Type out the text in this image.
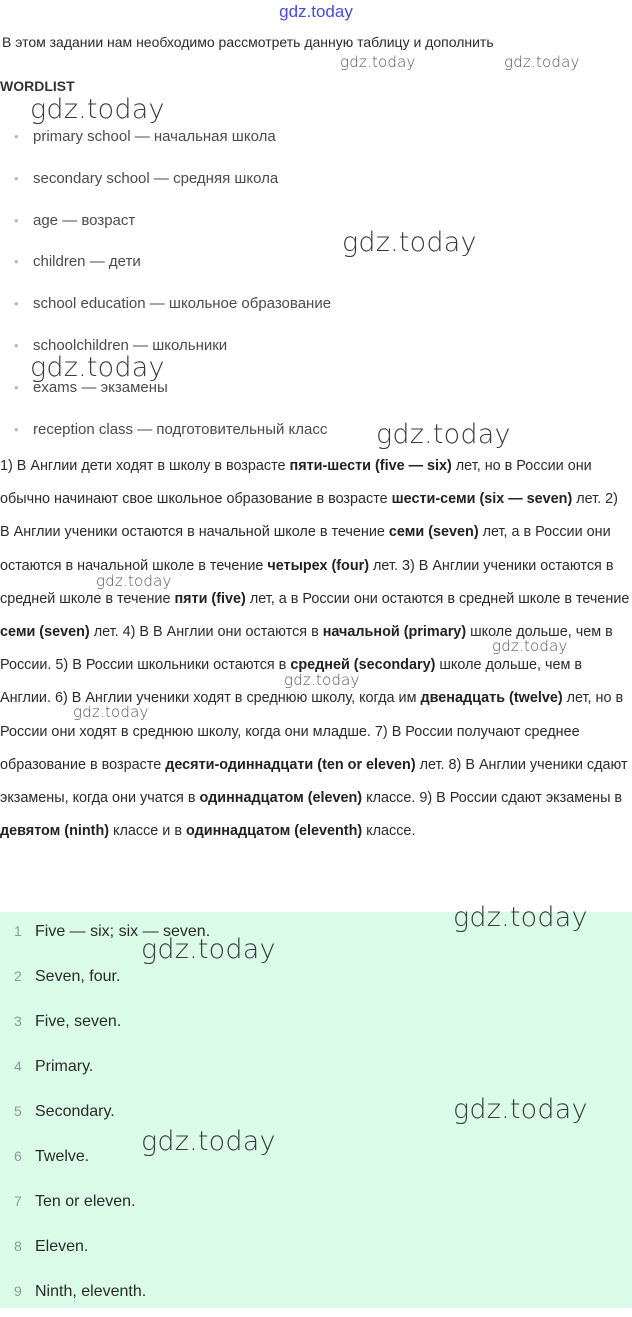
gdz.today
В этом задании нам необходимо рассмотреть данную таблицу и дополнить
WORDLIST
• primary school — начальная школа
• secondary school — средняя школа
• age — возраст
• children — дети
• school education — школьное образование
• schoolchildren — школьники
• exams — экзамены
• reception class — подготовительный класс

1) В Англии дети ходят в школу в возрасте пяти-шести (five — six) лет, но в России они обычно начинают свое школьное образование в возрасте шести-семи (six — seven) лет. 2) В Англии ученики остаются в начальной школе в течение семи (seven) лет, а в России они остаются в начальной школе в течение четырех (four) лет. 3) В Англии ученики остаются в средней школе в течение пяти (five) лет, а в России они остаются в средней школе в течение семи (seven) лет. 4) В В Англии они остаются в начальной (primary) школе дольше, чем в России. 5) В России школьники остаются в средней (secondary) школе дольше, чем в Англии. 6) В Англии ученики ходят в среднюю школу, когда им двенадцать (twelve) лет, но в России они ходят в среднюю школу, когда они младше. 7) В России получают среднее образование в возрасте десяти-одиннадцати (ten or eleven) лет. 8) В Англии ученики сдают экзамены, когда они учатся в одиннадцатом (eleven) классе. 9) В России сдают экзамены в девятом (ninth) классе и в одиннадцатом (eleventh) классе.

1 Five — six; six — seven.
2 Seven, four.
3 Five, seven.
4 Primary.
5 Secondary.
6 Twelve.
7 Ten or eleven.
8 Eleven.
9 Ninth, eleventh.
gdz.today	gdz.today
gdz.today
gdz.today
gdz.today
gdz.today
gdz.today
gdz.today
gdz.today
gdz.today
gdz.today
gdz.today
gdz.today
gdz.today
